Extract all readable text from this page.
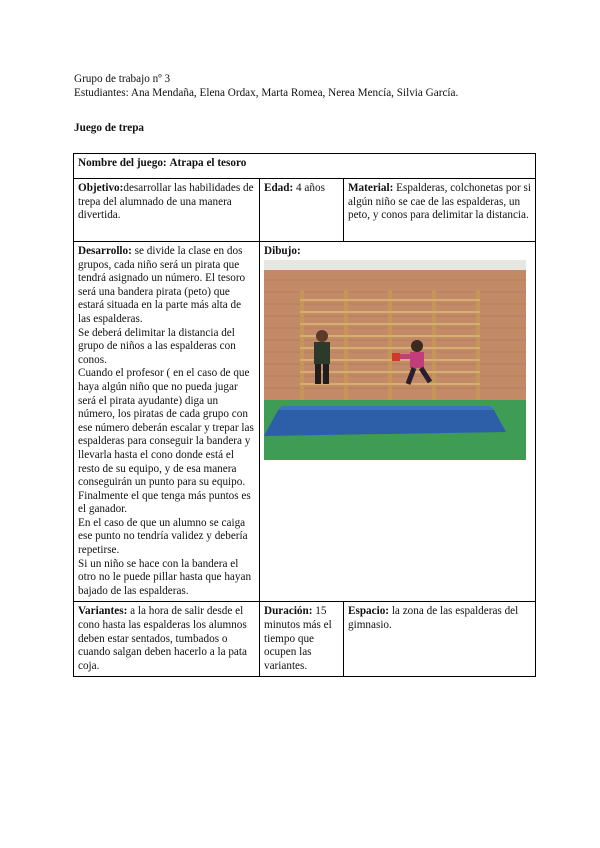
Grupo de trabajo nº 3
Estudiantes: Ana Mendaña, Elena Ordax, Marta Romea, Nerea Mencía, Silvia García.
Juego de trepa
Nombre del juego: Atrapa el tesoro		
Objetivo:desarrollar las habilidades de trepa del alumnado de una manera divertida.	Edad: 4 años	Material: Espalderas, colchonetas por si algún niño se cae de las espalderas, un peto, y conos para delimitar la distancia.

Desarrollo: se divide la clase en dos grupos, cada niño será un pirata que tendrá asignado un número. El tesoro será una bandera pirata (peto) que estará situada en la parte más alta de las espalderas.

Se deberá delimitar la distancia del grupo de niños a las espalderas con conos.

Cuando el profesor ( en el caso de que haya algún niño que no pueda jugar será el pirata ayudante) diga un número, los piratas de cada grupo con ese número deberán escalar y trepar las espalderas para conseguir la bandera y llevarla hasta el cono donde está el resto de su equipo, y de esa manera conseguirán un punto para su equipo. Finalmente el que tenga más puntos es el ganador.

En el caso de que un alumno se caiga ese punto no tendría validez y debería repetirse.

Si un niño se hace con la bandera el otro no le puede pillar hasta que hayan bajado de las espalderas.	Dibujo:	

Variantes: a la hora de salir desde el cono hasta las espalderas los alumnos deben estar sentados, tumbados o cuando salgan deben hacerlo a la pata coja.	Duración: 15 minutos más el tiempo que ocupen las variantes.	Espacio: la zona de las espalderas del gimnasio.
